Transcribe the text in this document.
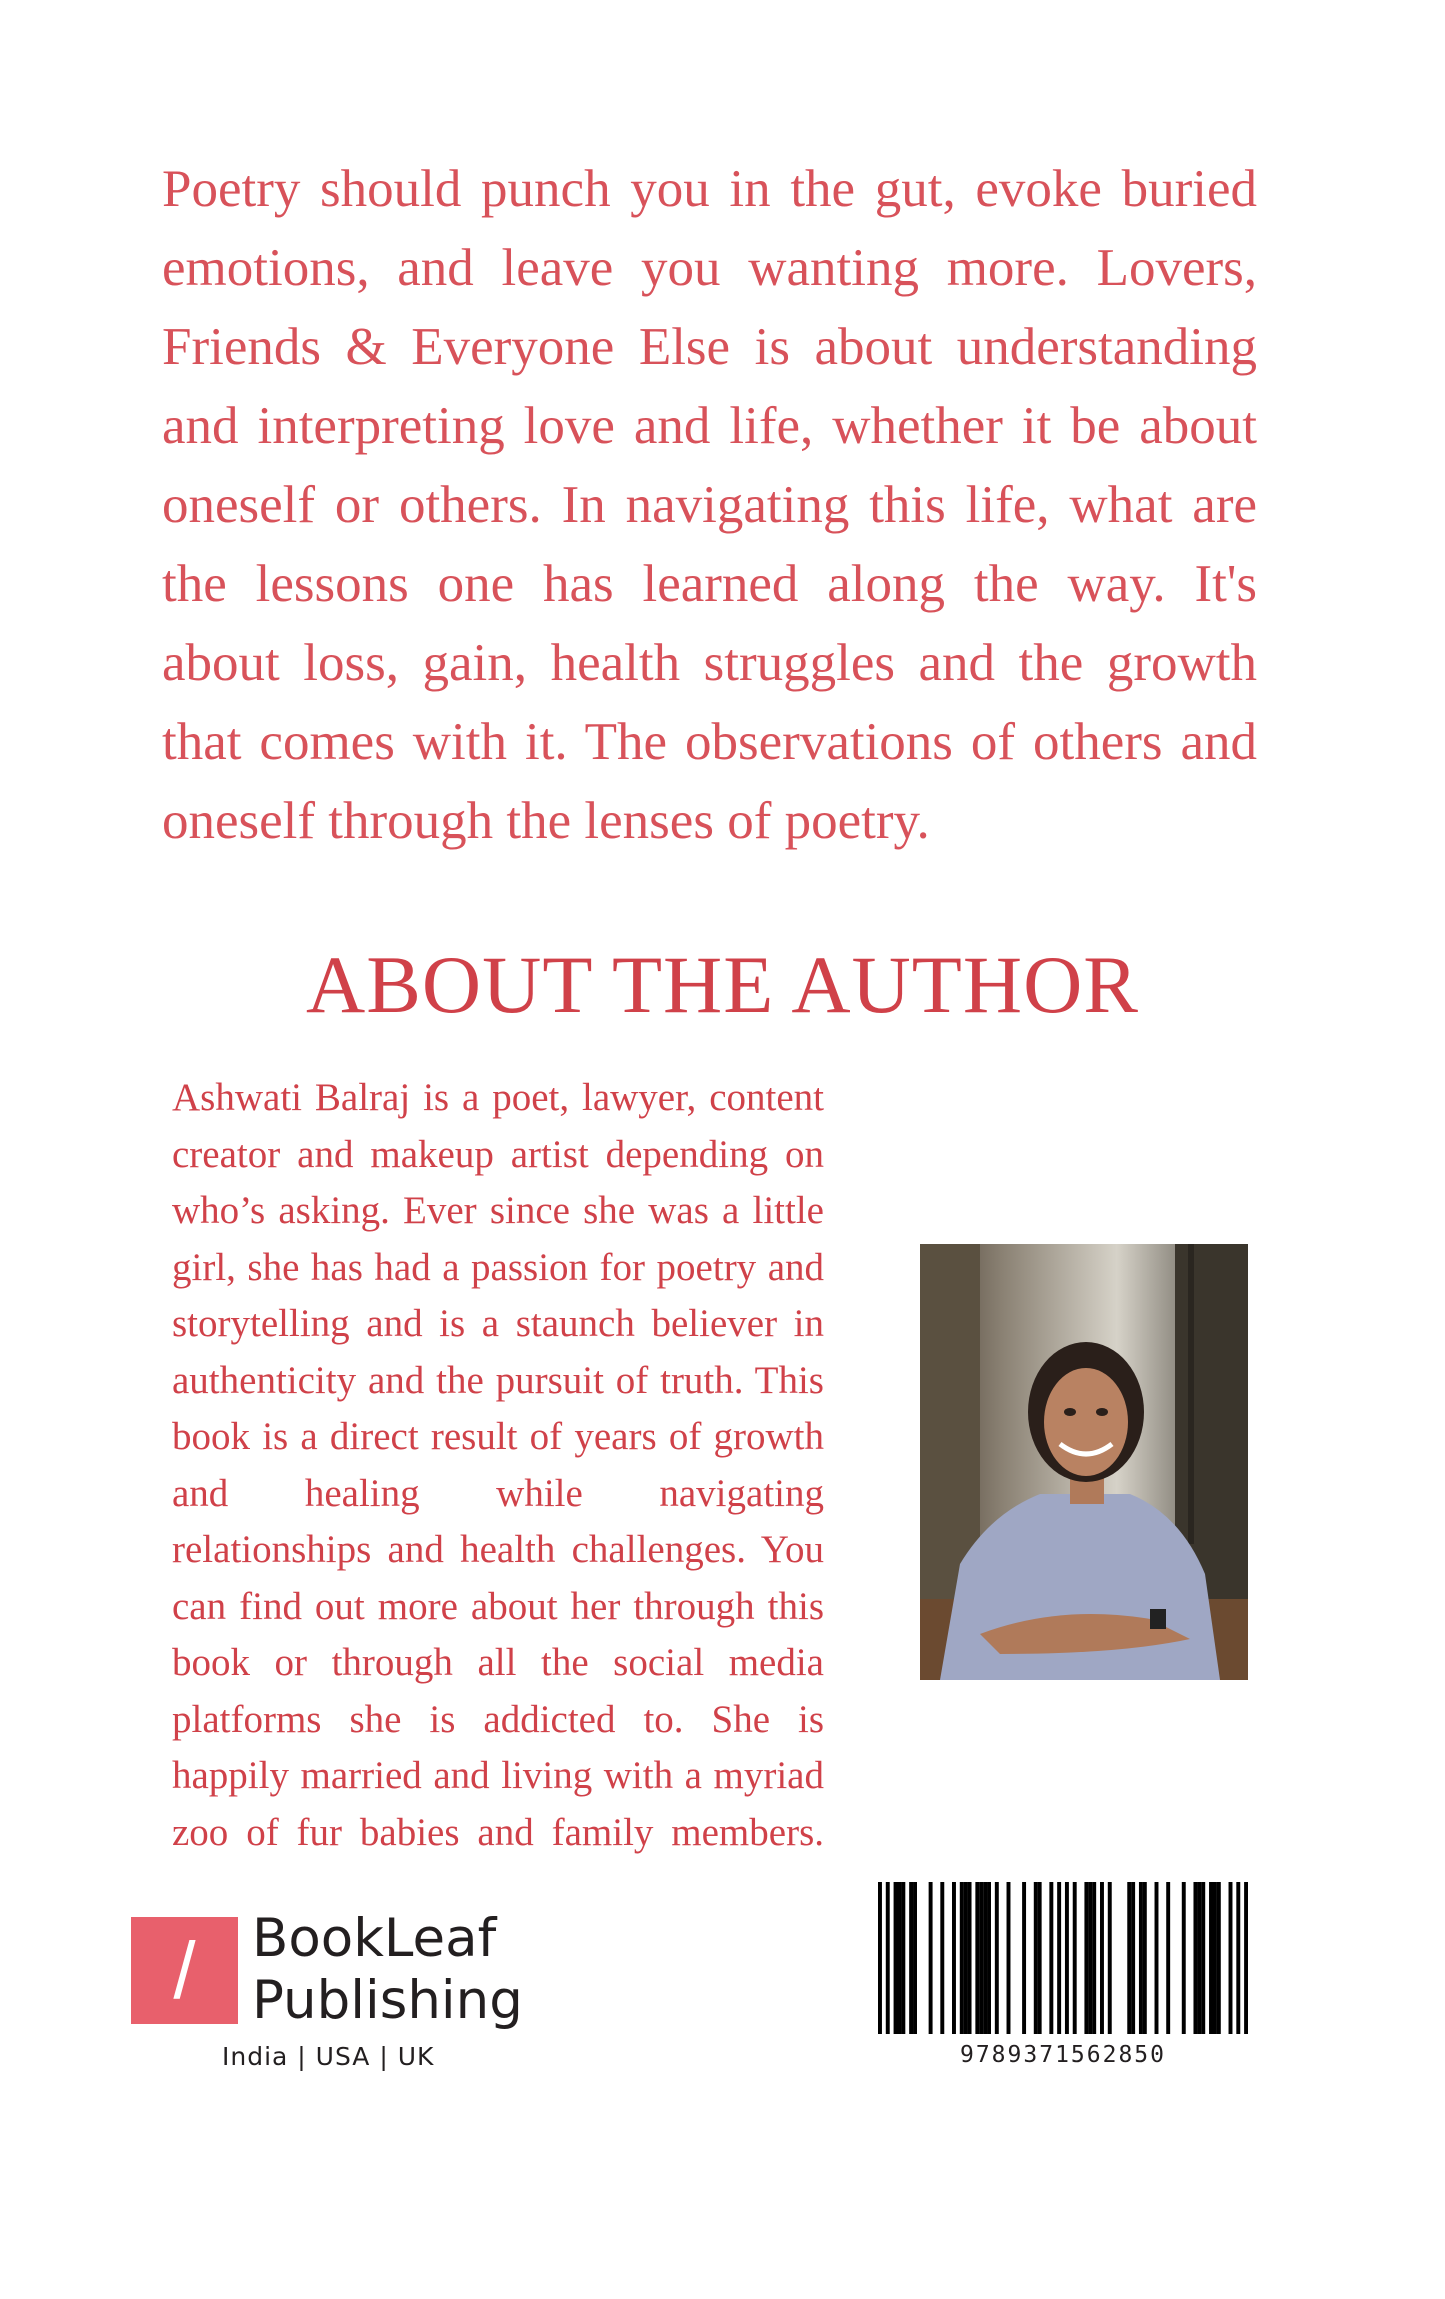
Poetry should punch you in the gut, evoke buried emotions, and leave you wanting more. Lovers, Friends & Everyone Else is about understanding and interpreting love and life, whether it be about oneself or others. In navigating this life, what are the lessons one has learned along the way. It's about loss, gain, health struggles and the growth that comes with it. The observations of others and oneself through the lenses of poetry.

ABOUT THE AUTHOR

Ashwati Balraj is a poet, lawyer, content creator and makeup artist depending on who’s asking. Ever since she was a little girl, she has had a passion for poetry and storytelling and is a staunch believer in authenticity and the pursuit of truth. This book is a direct result of years of growth and healing while navigating relationships and health challenges. You can find out more about her through this book or through all the social media platforms she is addicted to. She is happily married and living with a myriad zoo of fur babies and family members.

/	BookLeaf
Publishing
India | USA | UK	9789371562850
